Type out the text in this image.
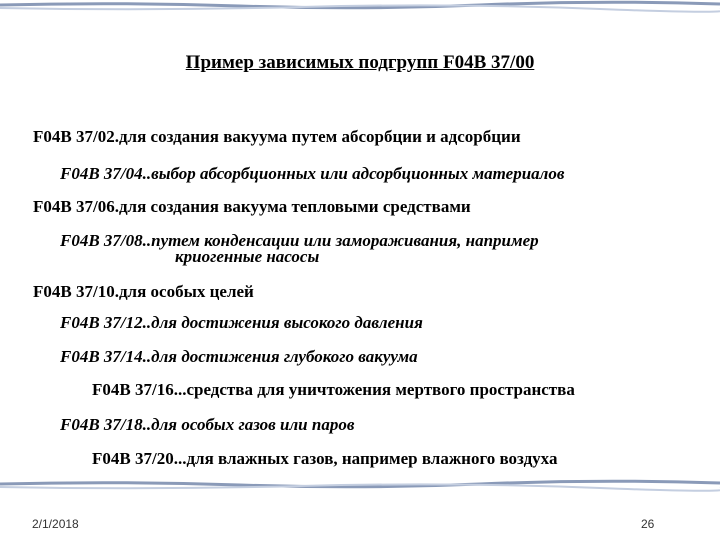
Пример зависимых подгрупп F04B 37/00
F04B 37/02.для создания вакуума путем абсорбции и адсорбции
F04B 37/04..выбор абсорбционных или адсорбционных материалов
F04B 37/06.для создания вакуума тепловыми средствами
F04B 37/08..путем конденсации или замораживания, например
криогенные насосы
F04B 37/10.для особых целей
F04B 37/12..для достижения высокого давления
F04B 37/14..для достижения глубокого вакуума
F04B 37/16...средства для уничтожения мертвого пространства
F04B 37/18..для особых газов или паров
F04B 37/20...для влажных газов, например влажного воздуха
2/1/2018	26
